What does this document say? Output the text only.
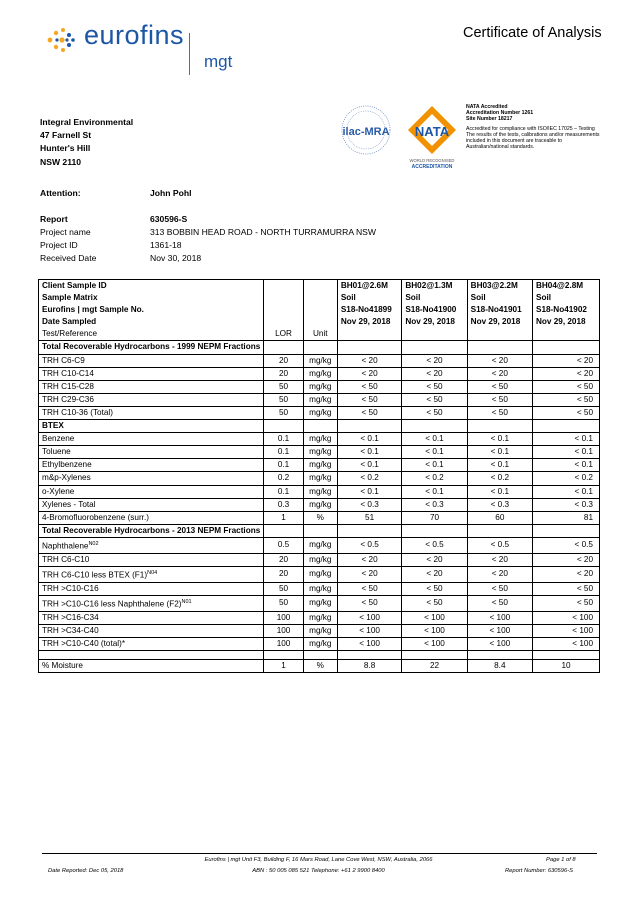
eurofins
mgt
Certificate of Analysis
Integral Environmental
47 Farnell St
Hunter's Hill
NSW 2110
ilac-MRA NATA
WORLD RECOGNISED
ACCREDITATION
NATA Accredited
Accreditation Number 1261
Site Number 18217
Accredited for compliance with ISO/IEC 17025 – Testing The results of the tests, calibrations and/or measurements included in this document are traceable to Australian/national standards.
Attention:	John Pohl
Report	630596-S
Project name	313 BOBBIN HEAD ROAD - NORTH TURRAMURRA NSW
Project ID	1361-18
Received Date	Nov 30, 2018
Client Sample ID			BH01@2.6M	BH02@1.3M	BH03@2.2M	BH04@2.8M
Sample Matrix			Soil	Soil	Soil	Soil
Eurofins | mgt Sample No.			S18-No41899	S18-No41900	S18-No41901	S18-No41902
Date Sampled			Nov 29, 2018	Nov 29, 2018	Nov 29, 2018	Nov 29, 2018
Test/Reference	LOR	Unit				
Total Recoverable Hydrocarbons - 1999 NEPM Fractions						
TRH C6-C9	20	mg/kg	< 20	< 20	< 20	< 20
TRH C10-C14	20	mg/kg	< 20	< 20	< 20	< 20
TRH C15-C28	50	mg/kg	< 50	< 50	< 50	< 50
TRH C29-C36	50	mg/kg	< 50	< 50	< 50	< 50
TRH C10-36 (Total)	50	mg/kg	< 50	< 50	< 50	< 50
BTEX						
Benzene	0.1	mg/kg	< 0.1	< 0.1	< 0.1	< 0.1
Toluene	0.1	mg/kg	< 0.1	< 0.1	< 0.1	< 0.1
Ethylbenzene	0.1	mg/kg	< 0.1	< 0.1	< 0.1	< 0.1
m&p-Xylenes	0.2	mg/kg	< 0.2	< 0.2	< 0.2	< 0.2
o-Xylene	0.1	mg/kg	< 0.1	< 0.1	< 0.1	< 0.1
Xylenes - Total	0.3	mg/kg	< 0.3	< 0.3	< 0.3	< 0.3
4-Bromofluorobenzene (surr.)	1	%	51	70	60	81
Total Recoverable Hydrocarbons - 2013 NEPM Fractions						
Naphthalene$^{N02}$	0.5	mg/kg	< 0.5	< 0.5	< 0.5	< 0.5
TRH C6-C10	20	mg/kg	< 20	< 20	< 20	< 20
TRH C6-C10 less BTEX $(F1)^{N04}$	20	mg/kg	< 20	< 20	< 20	< 20
TRH >C10-C16	50	mg/kg	< 50	< 50	< 50	< 50
TRH >C10-C16 less Naphthalene $(F2)^{N01}$	50	mg/kg	< 50	< 50	< 50	< 50
TRH >C16-C34	100	mg/kg	< 100	< 100	< 100	< 100
TRH >C34-C40	100	mg/kg	< 100	< 100	< 100	< 100
TRH >C10-C40 (total)*	100	mg/kg	< 100	< 100	< 100	< 100

% Moisture	1	%	8.8	22	8.4	10
Eurofins | mgt Unit F3, Building F, 16 Mars Road, Lane Cove West, NSW, Australia, 2066
ABN : 50 005 085 521 Telephone: +61 2 9900 8400
Date Reported: Dec 05, 2018
Page 1 of 8
Report Number: 630596-S
